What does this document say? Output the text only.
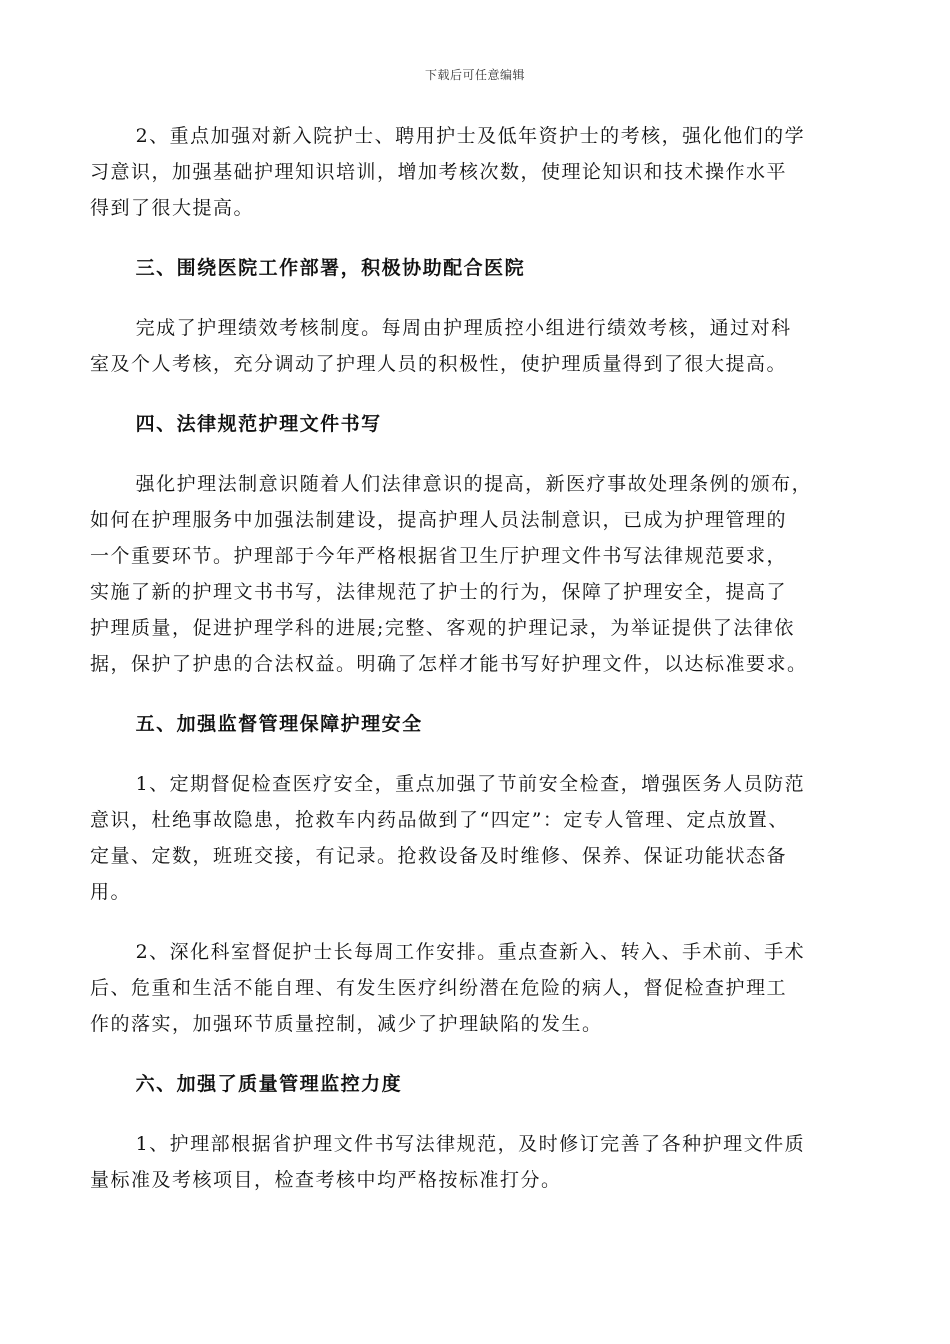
下载后可任意编辑

2、重点加强对新入院护士、聘用护士及低年资护士的考核，强化他们的学
习意识，加强基础护理知识培训，增加考核次数，使理论知识和技术操作水平
得到了很大提高。

三、围绕医院工作部署，积极协助配合医院

完成了护理绩效考核制度。每周由护理质控小组进行绩效考核，通过对科
室及个人考核，充分调动了护理人员的积极性，使护理质量得到了很大提高。

四、法律规范护理文件书写

强化护理法制意识随着人们法律意识的提高，新医疗事故处理条例的颁布，
如何在护理服务中加强法制建设，提高护理人员法制意识，已成为护理管理的
一个重要环节。护理部于今年严格根据省卫生厅护理文件书写法律规范要求，
实施了新的护理文书书写，法律规范了护士的行为，保障了护理安全，提高了
护理质量，促进护理学科的进展;完整、客观的护理记录，为举证提供了法律依
据，保护了护患的合法权益。明确了怎样才能书写好护理文件，以达标准要求。

五、加强监督管理保障护理安全

1、定期督促检查医疗安全，重点加强了节前安全检查，增强医务人员防范
意识，杜绝事故隐患，抢救车内药品做到了“四定”：定专人管理、定点放置、
定量、定数，班班交接，有记录。抢救设备及时维修、保养、保证功能状态备
用。

2、深化科室督促护士长每周工作安排。重点查新入、转入、手术前、手术
后、危重和生活不能自理、有发生医疗纠纷潜在危险的病人，督促检查护理工
作的落实，加强环节质量控制，减少了护理缺陷的发生。

六、加强了质量管理监控力度

1、护理部根据省护理文件书写法律规范，及时修订完善了各种护理文件质
量标准及考核项目，检查考核中均严格按标准打分。
